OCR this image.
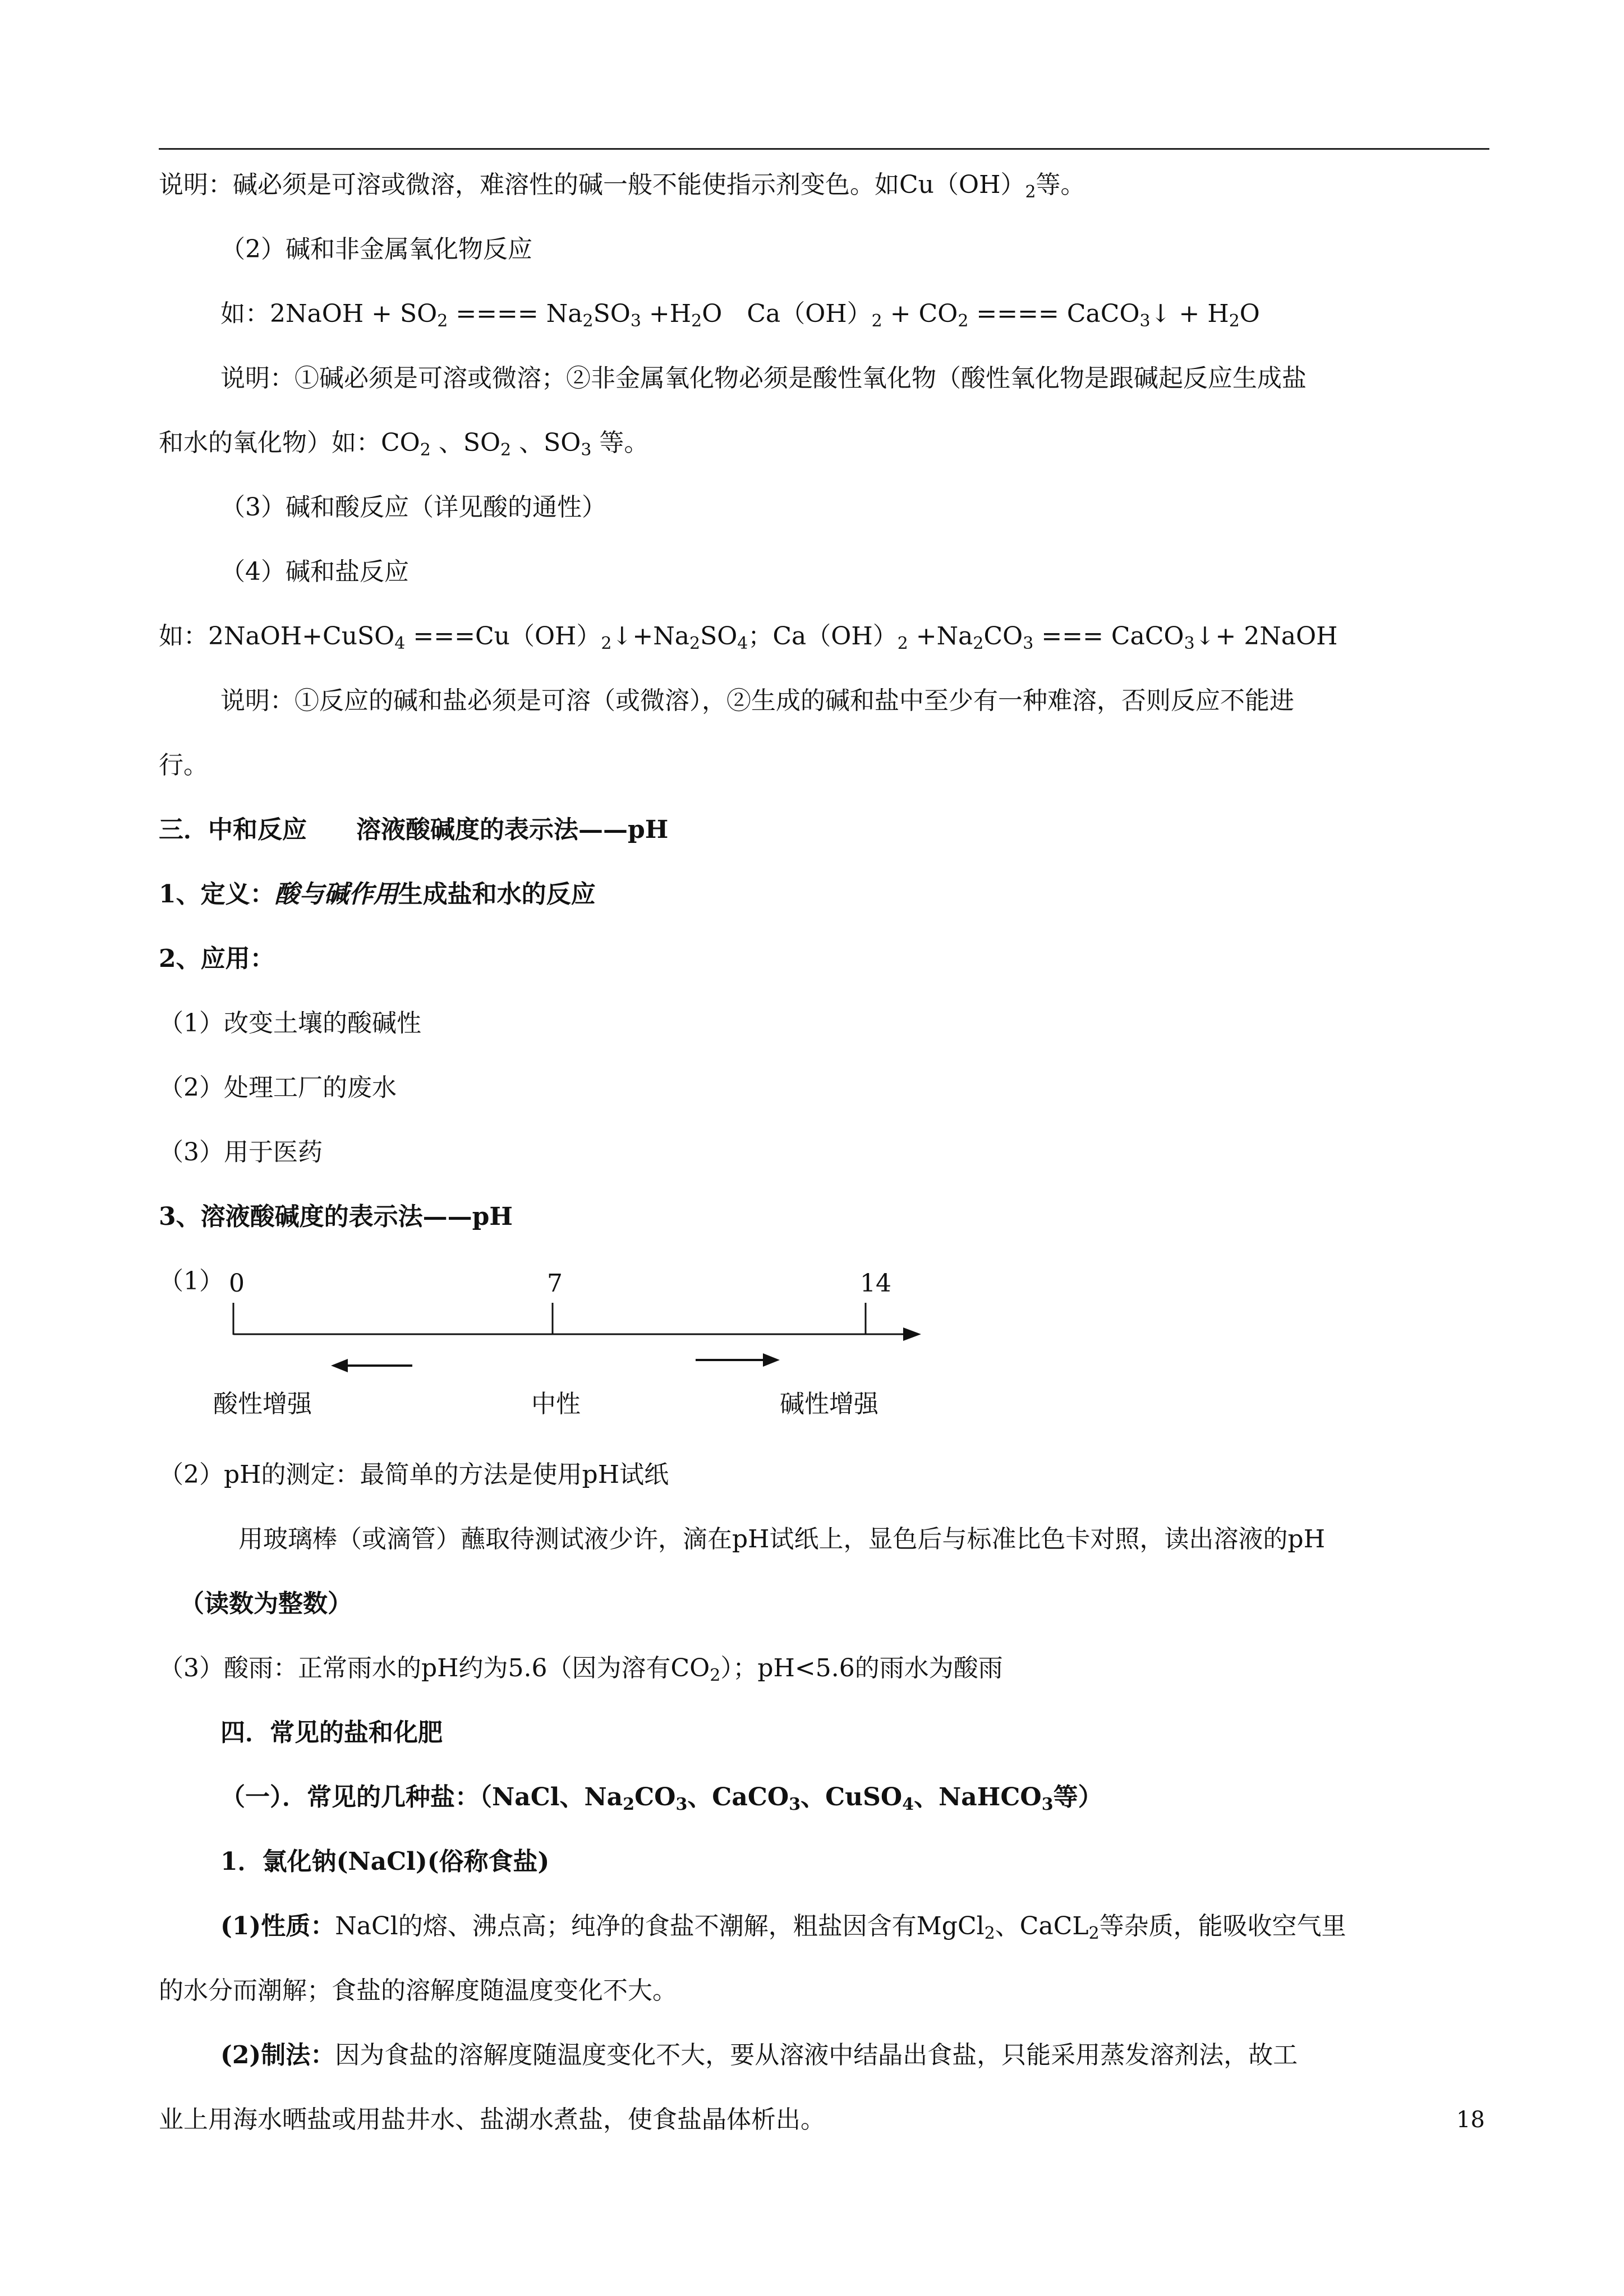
说明：碱必须是可溶或微溶，难溶性的碱一般不能使指示剂变色。如$Cu(OH)_2$等。
（2）碱和非金属氧化物反应
如：2NaOH + $SO_2$ ==== $Na_2SO_3 +H_2O$　$Ca(OH)_2 + CO_2$ ==== CaCO$_3$↓ + $H_2O$
说明：①碱必须是可溶或微溶；②非金属氧化物必须是酸性氧化物（酸性氧化物是跟碱起反应生成盐
和水的氧化物）如：$CO_2$ 、$SO_2$ 、$SO_3$ 等。
（3）碱和酸反应（详见酸的通性）
（4）碱和盐反应
如：2NaOH+CuSO$_4$ $===Cu(OH)_2↓+Na_2SO_4$；$Ca(OH)_2 +Na_2CO_3$ === CaCO$_3$↓+ 2NaOH
说明：①反应的碱和盐必须是可溶（或微溶），②生成的碱和盐中至少有一种难溶，否则反应不能进
行。
三．中和反应　　溶液酸碱度的表示法——pH
1、定义：酸与碱作用生成盐和水的反应
2、应用：
（1）改变土壤的酸碱性
（2）处理工厂的废水
（3）用于医药
3、溶液酸碱度的表示法——pH
（1） 0	7	14
酸性增强	中性	碱性增强
（2）pH的测定：最简单的方法是使用pH试纸
用玻璃棒（或滴管）蘸取待测试液少许，滴在pH试纸上，显色后与标准比色卡对照，读出溶液的pH
（读数为整数）
（3）酸雨：正常雨水的pH约为5.6（因为溶有$CO_2$）；pH<5.6的雨水为酸雨
四．常见的盐和化肥
（一）．常见的几种盐：（NaCl、$Na_2CO_3$、CaCO$_3$、CuSO$_4$、NaHCO$_3$等）
1．氯化钠(NaCl)(俗称食盐)
(1)性质：NaCl的熔、沸点高；纯净的食盐不潮解，粗盐因含有MgCl$_2$、CaCL$_2$等杂质，能吸收空气里
的水分而潮解；食盐的溶解度随温度变化不大。
(2)制法：因为食盐的溶解度随温度变化不大，要从溶液中结晶出食盐，只能采用蒸发溶剂法，故工
业上用海水晒盐或用盐井水、盐湖水煮盐，使食盐晶体析出。	18
